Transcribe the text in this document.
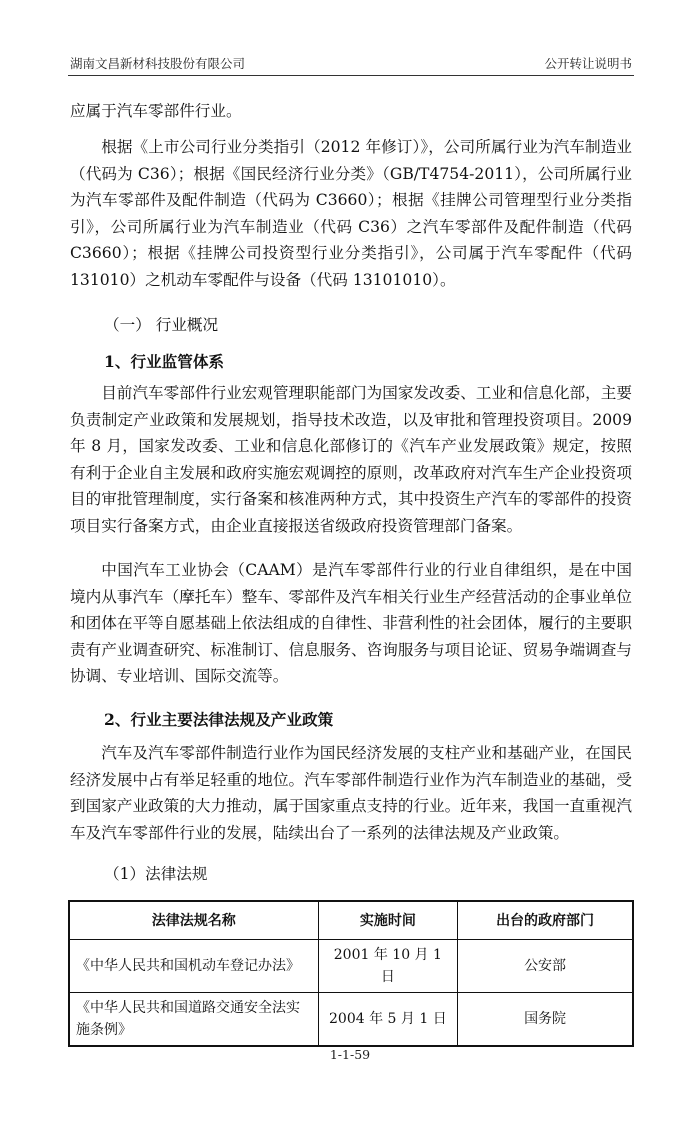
湖南文昌新材科技股份有限公司	公开转让说明书

应属于汽车零部件行业。

根据《上市公司行业分类指引（2012 年修订）》，公司所属行业为汽车制造业（代码为 C36）；根据《国民经济行业分类》（GB/T4754-2011），公司所属行业为汽车零部件及配件制造（代码为 C3660）；根据《挂牌公司管理型行业分类指引》，公司所属行业为汽车制造业（代码 C36）之汽车零部件及配件制造（代码 C3660）；根据《挂牌公司投资型行业分类指引》，公司属于汽车零配件（代码 131010）之机动车零配件与设备（代码 13101010）。

（一） 行业概况
1、行业监管体系

目前汽车零部件行业宏观管理职能部门为国家发改委、工业和信息化部，主要负责制定产业政策和发展规划，指导技术改造，以及审批和管理投资项目。2009 年 8 月，国家发改委、工业和信息化部修订的《汽车产业发展政策》规定，按照有利于企业自主发展和政府实施宏观调控的原则，改革政府对汽车生产企业投资项目的审批管理制度，实行备案和核准两种方式，其中投资生产汽车的零部件的投资项目实行备案方式，由企业直接报送省级政府投资管理部门备案。

中国汽车工业协会（CAAM）是汽车零部件行业的行业自律组织，是在中国境内从事汽车（摩托车）整车、零部件及汽车相关行业生产经营活动的企事业单位和团体在平等自愿基础上依法组成的自律性、非营利性的社会团体，履行的主要职责有产业调查研究、标准制订、信息服务、咨询服务与项目论证、贸易争端调查与协调、专业培训、国际交流等。

2、行业主要法律法规及产业政策

汽车及汽车零部件制造行业作为国民经济发展的支柱产业和基础产业，在国民经济发展中占有举足轻重的地位。汽车零部件制造行业作为汽车制造业的基础，受到国家产业政策的大力推动，属于国家重点支持的行业。近年来，我国一直重视汽车及汽车零部件行业的发展，陆续出台了一系列的法律法规及产业政策。

（1）法律法规
法律法规名称	实施时间	出台的政府部门
《中华人民共和国机动车登记办法》	2001 年 10 月 1 日	公安部
《中华人民共和国道路交通安全法实施条例》	2004 年 5 月 1 日	国务院
1-1-59
